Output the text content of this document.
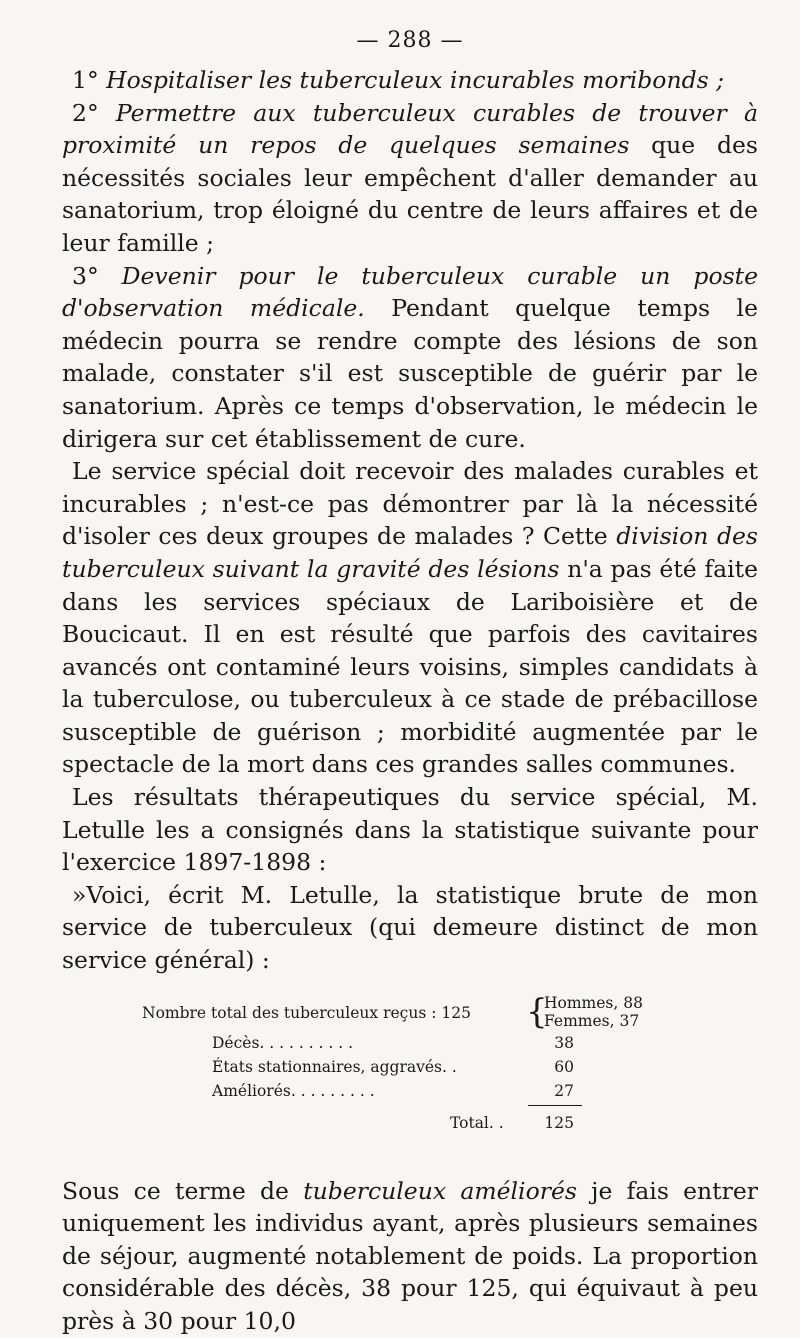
— 288 —

1° Hospitaliser les tuberculeux incurables moribonds ;

2° Permettre aux tuberculeux curables de trouver à proximité un repos de quelques semaines que des nécessités sociales leur empêchent d'aller demander au sanatorium, trop éloigné du centre de leurs affaires et de leur famille ;

3° Devenir pour le tuberculeux curable un poste d'observation médicale. Pendant quelque temps le médecin pourra se rendre compte des lésions de son malade, constater s'il est susceptible de guérir par le sanatorium. Après ce temps d'observation, le médecin le dirigera sur cet établissement de cure.

Le service spécial doit recevoir des malades curables et incurables ; n'est-ce pas démontrer par là la nécessité d'isoler ces deux groupes de malades ? Cette division des tuberculeux suivant la gravité des lésions n'a pas été faite dans les services spéciaux de Lariboisière et de Boucicaut. Il en est résulté que parfois des cavitaires avancés ont contaminé leurs voisins, simples candidats à la tuberculose, ou tuberculeux à ce stade de prébacillose susceptible de guérison ; morbidité augmentée par le spectacle de la mort dans ces grandes salles communes.

Les résultats thérapeutiques du service spécial, M. Letulle les a consignés dans la statistique suivante pour l'exercice 1897-1898 :

»Voici, écrit M. Letulle, la statistique brute de mon service de tuberculeux (qui demeure distinct de mon service général) :

Nombre total des tuberculeux reçus : 125 {
Hommes, 88
Femmes, 37
Décès. . . . . . . . . .	38
États stationnaires, aggravés. .	60
Améliorés. . . . . . . . .	27
Total. .	125

Sous ce terme de tuberculeux améliorés je fais entrer uniquement les individus ayant, après plusieurs semaines de séjour, augmenté notablement de poids. La proportion considérable des décès, 38 pour 125, qui équivaut à peu près à 30 pour 10,0
